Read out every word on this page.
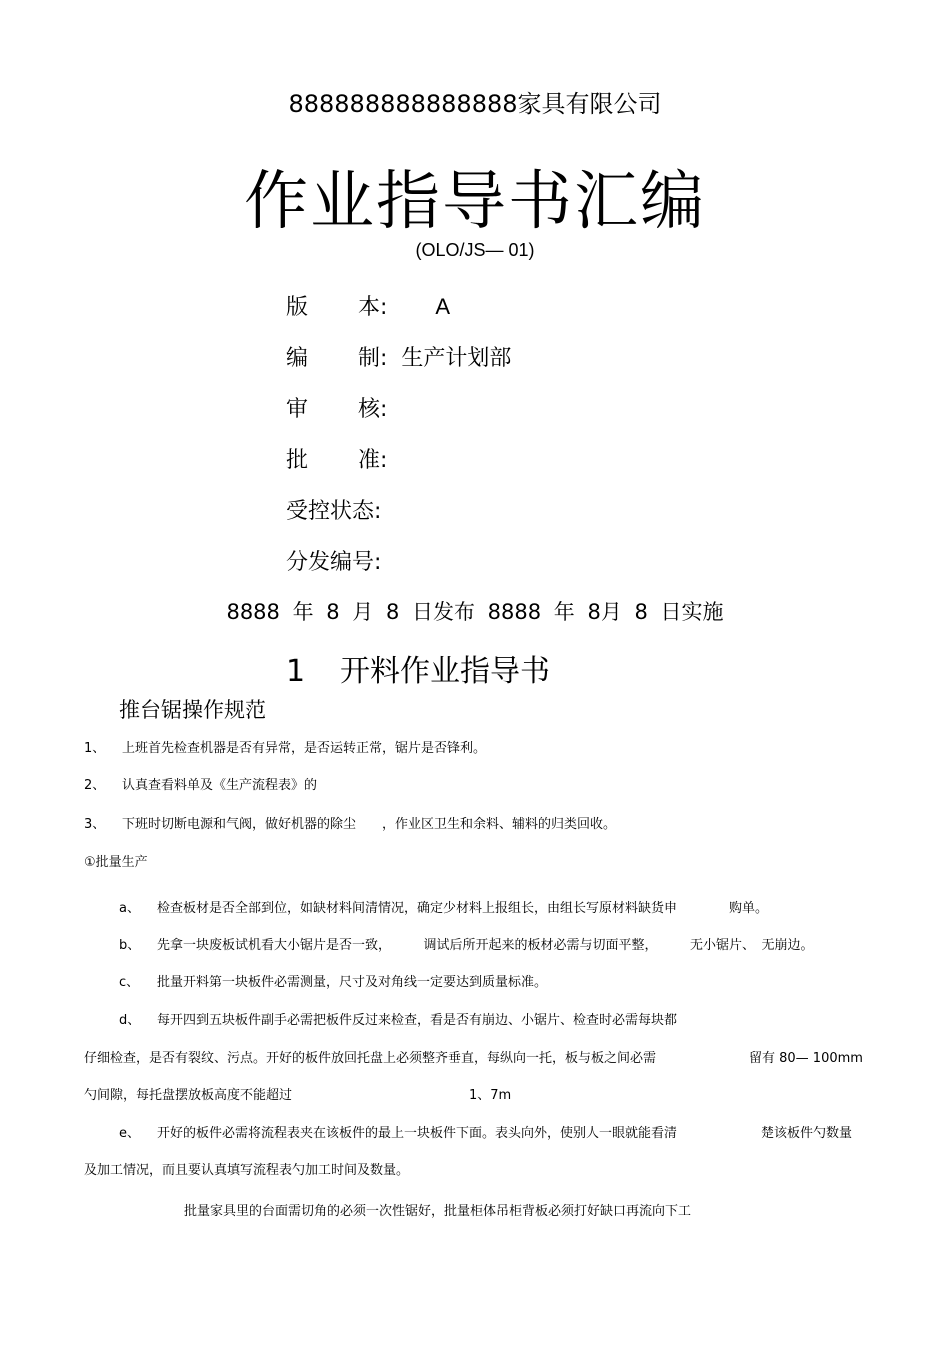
888888888888888家具有限公司
作业指导书汇编
(OLO/JS— 01)
版 本: A
编 制: 生产计划部
审 核:
批 准:
受控状态:
分发编号:
8888 年 8 月 8 日发布 8888 年 8月 8 日实施
1 开料作业指导书
推台锯操作规范
1、 上班首先检查机器是否有异常，是否运转正常，锯片是否锋利。
2、 认真查看料单及《生产流程表》的
3、 下班时切断电源和气阀，做好机器的除尘　　，作业区卫生和余料、辅料的归类回收。
①批量生产
a、 检查板材是否全部到位，如缺材料间清情况，确定少材料上报组长，由组长写原材料缺货申　　　　购单。
b、 先拿一块废板试机看大小锯片是否一致，　　　调试后所开起来的板材必需与切面平整，　　　无小锯片、　无崩边。
c、 批量开料第一块板件必需测量，尺寸及对角线一定要达到质量标准。
d、 每开四到五块板件副手必需把板件反过来检查，看是否有崩边、小锯片、检查时必需每块都
仔细检查，是否有裂纹、污点。开好的板件放回托盘上必须整齐垂直，每纵向一托，板与板之间必需	留有 80— 100mm
勺间隙，每托盘摆放板高度不能超过	1、7m
e、 开好的板件必需将流程表夹在该板件的最上一块板件下面。表头向外，使别人一眼就能看清	楚该板件勺数量
及加工情况，而且要认真填写流程表勺加工时间及数量。
批量家具里的台面需切角的必须一次性锯好，批量柜体吊柜背板必须打好缺口再流向下工
